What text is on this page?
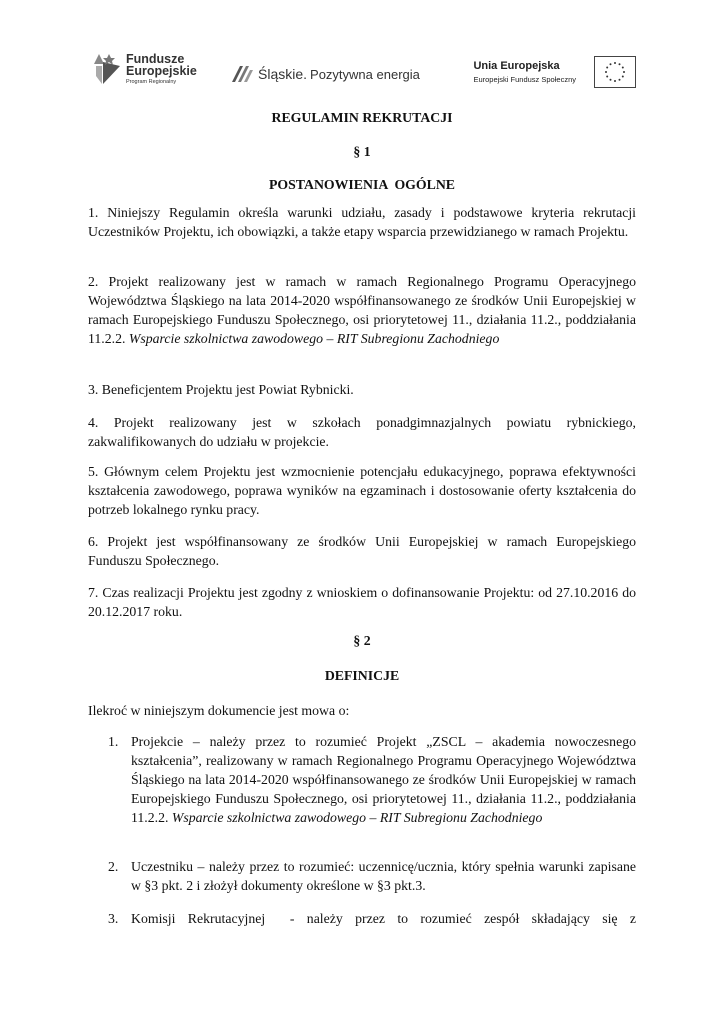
Fundusze
Europejskie
Program Regionalny	Śląskie. Pozytywna energia
Unia Europejska
Europejski Fundusz Społeczny
REGULAMIN REKRUTACJI
§ 1
POSTANOWIENIA  OGÓLNE

1. Niniejszy Regulamin określa warunki udziału, zasady i podstawowe kryteria rekrutacji Uczestników Projektu, ich obowiązki, a także etapy wsparcia przewidzianego w ramach Projektu.

2. Projekt realizowany jest w ramach w ramach Regionalnego Programu Operacyjnego Województwa Śląskiego na lata 2014-2020 współfinansowanego ze środków Unii Europejskiej w ramach Europejskiego Funduszu Społecznego, osi priorytetowej 11., działania 11.2., poddziałania 11.2.2. Wsparcie szkolnictwa zawodowego – RIT Subregionu Zachodniego

3. Beneficjentem Projektu jest Powiat Rybnicki.

4. Projekt realizowany jest w szkołach ponadgimnazjalnych powiatu rybnickiego, zakwalifikowanych do udziału w projekcie.

5. Głównym celem Projektu jest wzmocnienie potencjału edukacyjnego, poprawa efektywności kształcenia zawodowego, poprawa wyników na egzaminach i dostosowanie oferty kształcenia do potrzeb lokalnego rynku pracy.

6. Projekt jest współfinansowany ze środków Unii Europejskiej w ramach Europejskiego Funduszu Społecznego.

7. Czas realizacji Projektu jest zgodny z wnioskiem o dofinansowanie Projektu: od 27.10.2016 do 20.12.2017 roku.

§ 2
DEFINICJE

Ilekroć w niniejszym dokumencie jest mowa o:

1. Projekcie – należy przez to rozumieć Projekt „ZSCL – akademia nowoczesnego kształcenia”, realizowany w ramach Regionalnego Programu Operacyjnego Województwa Śląskiego na lata 2014-2020 współfinansowanego ze środków Unii Europejskiej w ramach Europejskiego Funduszu Społecznego, osi priorytetowej 11., działania 11.2., poddziałania 11.2.2. Wsparcie szkolnictwa zawodowego – RIT Subregionu Zachodniego
2. Uczestniku – należy przez to rozumieć: uczennicę/ucznia, który spełnia warunki zapisane w §3 pkt. 2 i złożył dokumenty określone w §3 pkt.3.
3. Komisji Rekrutacyjnej  - należy przez to rozumieć zespół składający się z
